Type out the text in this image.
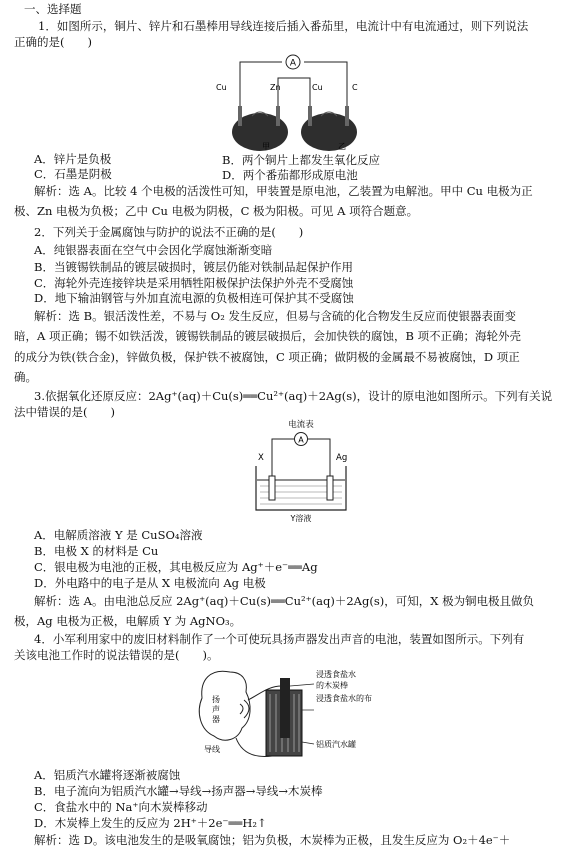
一、选择题
1．如图所示，铜片、锌片和石墨棒用导线连接后插入番茄里，电流计中有电流通过，则下列说法
正确的是(　　)
A
Cu	Zn	Cu	C
甲	乙
A．锌片是负极	B．两个铜片上都发生氧化反应
C．石墨是阴极	D．两个番茄都形成原电池
解析：选 A。比较 4 个电极的活泼性可知，甲装置是原电池，乙装置为电解池。甲中 Cu 电极为正
极、Zn 电极为负极；乙中 Cu 电极为阴极，C 极为阳极。可见 A 项符合题意。
2．下列关于金属腐蚀与防护的说法不正确的是(　　)
A．纯银器表面在空气中会因化学腐蚀渐渐变暗
B．当镀锡铁制品的镀层破损时，镀层仍能对铁制品起保护作用
C．海轮外壳连接锌块是采用牺牲阳极保护法保护外壳不受腐蚀
D．地下输油钢管与外加直流电源的负极相连可保护其不受腐蚀
解析：选 B。银活泼性差，不易与 O₂ 发生反应，但易与含硫的化合物发生反应而使银器表面变
暗，A 项正确；锡不如铁活泼，镀锡铁制品的镀层破损后，会加快铁的腐蚀，B 项不正确；海轮外壳
的成分为铁(铁合金)，锌做负极，保护铁不被腐蚀，C 项正确；做阴极的金属最不易被腐蚀，D 项正
确。
3.依据氧化还原反应：2Ag⁺(aq)＋Cu(s)══Cu²⁺(aq)＋2Ag(s)，设计的原电池如图所示。下列有关说
法中错误的是(　　)
电流表
A
X	Ag
Y溶液
A．电解质溶液 Y 是 CuSO₄溶液
B．电极 X 的材料是 Cu
C．银电极为电池的正极，其电极反应为 Ag⁺＋e⁻══Ag
D．外电路中的电子是从 X 电极流向 Ag 电极
解析：选 A。由电池总反应 2Ag⁺(aq)＋Cu(s)══Cu²⁺(aq)＋2Ag(s)，可知，X 极为铜电极且做负
极，Ag 电极为正极，电解质 Y 为 AgNO₃。
4．小军利用家中的废旧材料制作了一个可使玩具扬声器发出声音的电池，装置如图所示。下列有
关该电池工作时的说法错误的是(　　)。
扬
声
器
导线
浸透食盐水
的木炭棒
浸透食盐水的布
铝质汽水罐
A．铝质汽水罐将逐渐被腐蚀
B．电子流向为铝质汽水罐→导线→扬声器→导线→木炭棒
C．食盐水中的 Na⁺向木炭棒移动
D．木炭棒上发生的反应为 2H⁺＋2e⁻══H₂↑
解析：选 D。该电池发生的是吸氧腐蚀；铝为负极，木炭棒为正极，且发生反应为 O₂＋4e⁻＋
